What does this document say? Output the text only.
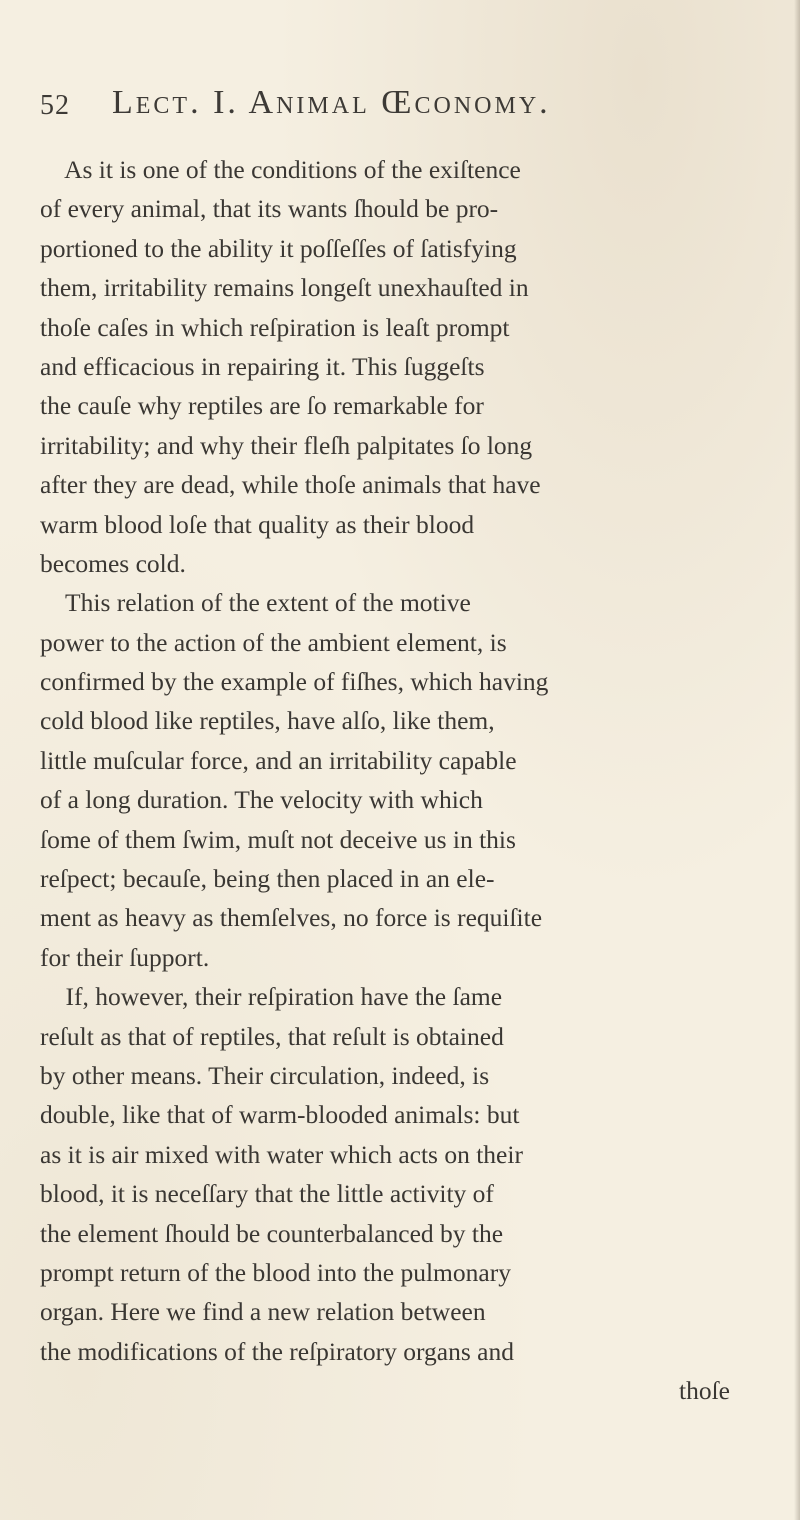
52 Lect. I. Animal Œconomy.
As it is one of the conditions of the exiſtence
of every animal, that its wants ſhould be pro-
portioned to the ability it poſſeſſes of ſatisfying
them, irritability remains longeſt unexhauſted in
thoſe caſes in which reſpiration is leaſt prompt
and efficacious in repairing it. This ſuggeſts
the cauſe why reptiles are ſo remarkable for
irritability; and why their fleſh palpitates ſo long
after they are dead, while thoſe animals that have
warm blood loſe that quality as their blood
becomes cold.
This relation of the extent of the motive
power to the action of the ambient element, is
confirmed by the example of fiſhes, which having
cold blood like reptiles, have alſo, like them,
little muſcular force, and an irritability capable
of a long duration. The velocity with which
ſome of them ſwim, muſt not deceive us in this
reſpect; becauſe, being then placed in an ele-
ment as heavy as themſelves, no force is requiſite
for their ſupport.
If, however, their reſpiration have the ſame
reſult as that of reptiles, that reſult is obtained
by other means. Their circulation, indeed, is
double, like that of warm-blooded animals: but
as it is air mixed with water which acts on their
blood, it is neceſſary that the little activity of
the element ſhould be counterbalanced by the
prompt return of the blood into the pulmonary
organ. Here we find a new relation between
the modifications of the reſpiratory organs and
thoſe
